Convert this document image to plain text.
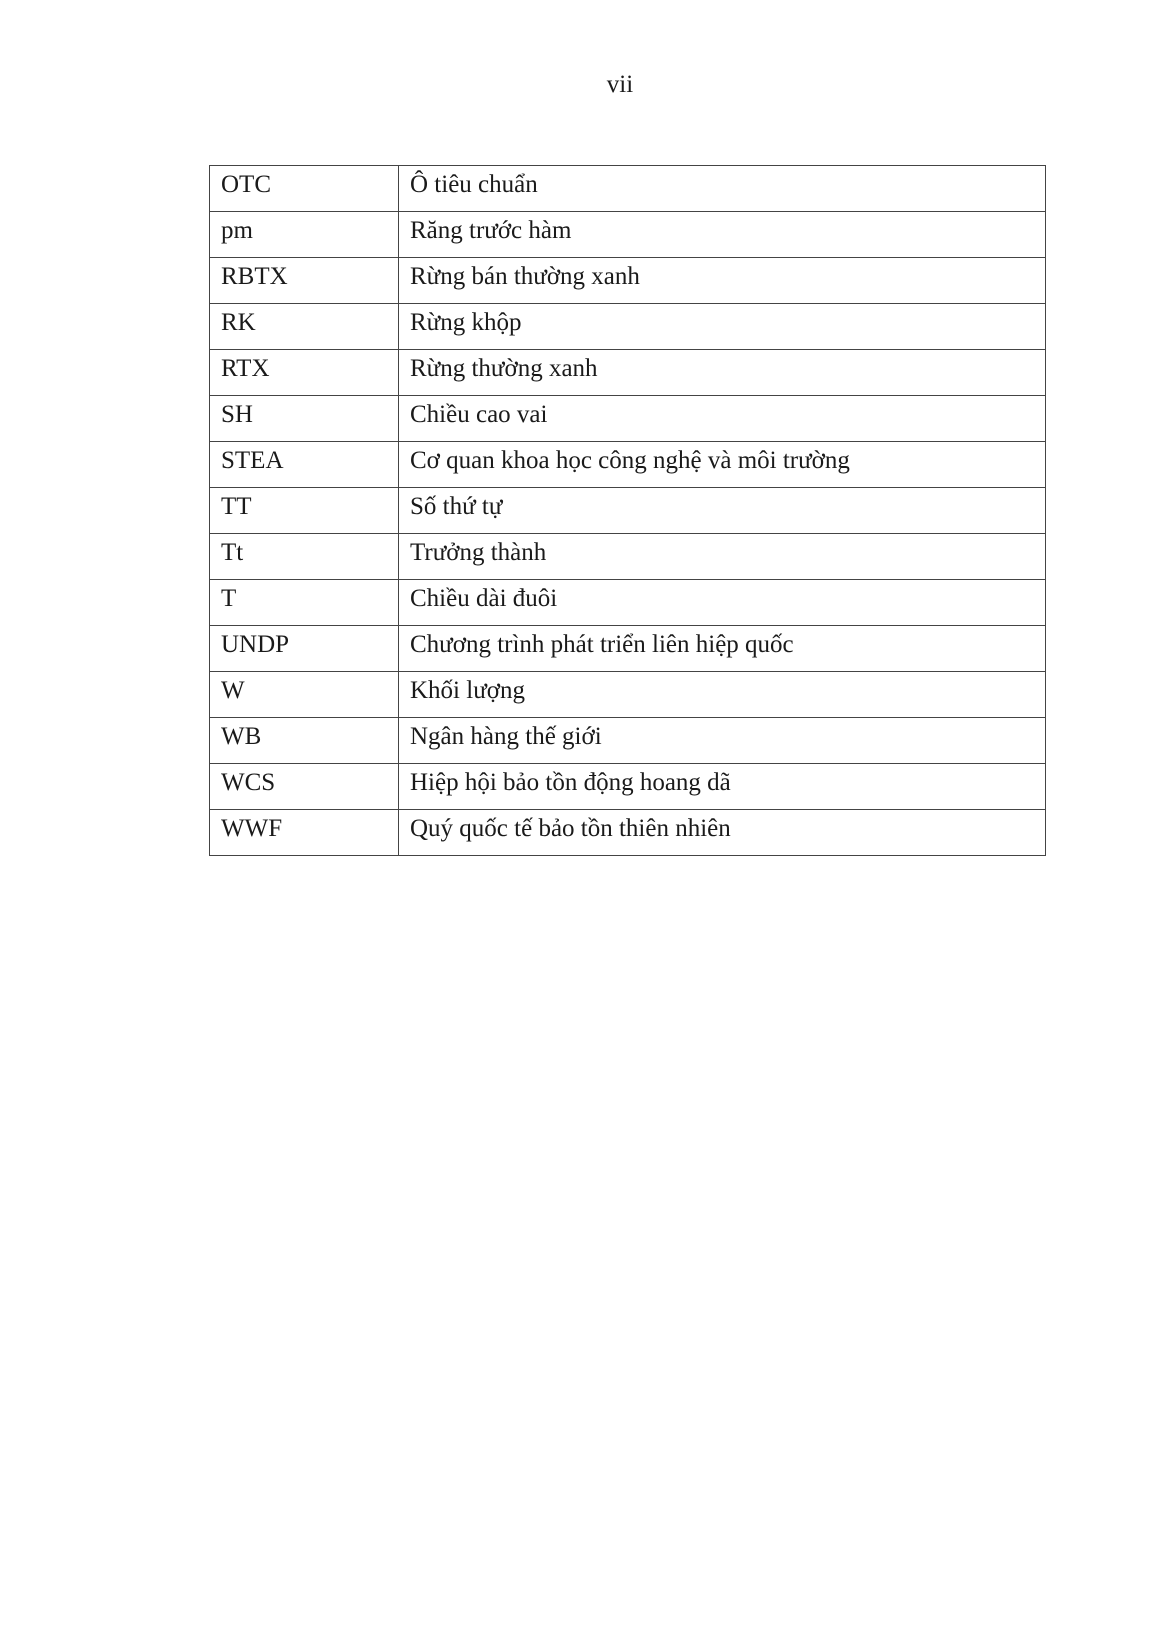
vii
OTC	Ô tiêu chuẩn
pm	Răng trước hàm
RBTX	Rừng bán thường xanh
RK	Rừng khộp
RTX	Rừng thường xanh
SH	Chiều cao vai
STEA	Cơ quan khoa học công nghệ và môi trường
TT	Số thứ tự
Tt	Trưởng thành
T	Chiều dài đuôi
UNDP	Chương trình phát triển liên hiệp quốc
W	Khối lượng
WB	Ngân hàng thế giới
WCS	Hiệp hội bảo tồn động hoang dã
WWF	Quý quốc tế bảo tồn thiên nhiên
